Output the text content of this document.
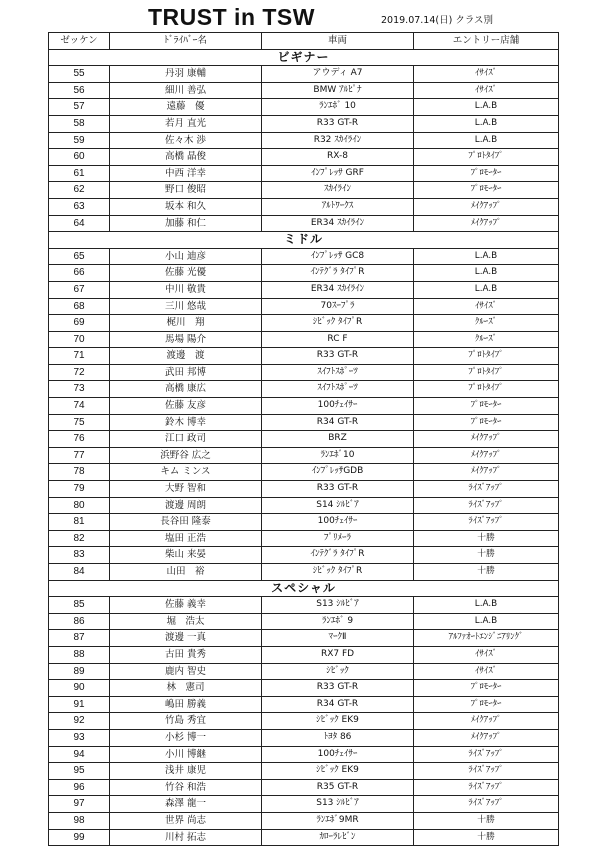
TRUST in TSW	2019.07.14(日) クラス別
ゼッケン	ﾄﾞﾗｲﾊﾞｰ名	車両	エントリー店舗
ビギナー			
55	丹羽 康輔	アウディ A7	ｲｻｲｽﾞ
56	細川 善弘	BMW ｱﾙﾋﾟﾅ	ｲｻｲｽﾞ
57	遠藤　優	ﾗﾝｴﾎﾞ 10	L.A.B
58	若月 直光	R33 GT-R	L.A.B
59	佐々木 渉	R32 ｽｶｲﾗｲﾝ	L.A.B
60	高橋 晶俊	RX-8	ﾌﾟﾛﾄﾀｲﾌﾟ
61	中西 洋幸	ｲﾝﾌﾟﾚｯｻ GRF	ﾌﾟﾛﾓｰﾀｰ
62	野口 俊昭	ｽｶｲﾗｲﾝ	ﾌﾟﾛﾓｰﾀｰ
63	坂本 和久	ｱﾙﾄﾜｰｸｽ	ﾒｲｸｱｯﾌﾟ
64	加藤 和仁	ER34 ｽｶｲﾗｲﾝ	ﾒｲｸｱｯﾌﾟ
ミドル			
65	小山 迪彦	ｲﾝﾌﾟﾚｯｻ GC8	L.A.B
66	佐藤 光優	ｲﾝﾃｸﾞﾗ ﾀｲﾌﾟR	L.A.B
67	中川 敬貴	ER34 ｽｶｲﾗｲﾝ	L.A.B
68	三川 悠哉	70ｽｰﾌﾟﾗ	ｲｻｲｽﾞ
69	梶川　翔	ｼﾋﾞｯｸ ﾀｲﾌﾟR	ｸﾙｰｽﾞ
70	馬場 陽介	RC F	ｸﾙｰｽﾞ
71	渡邊　渡	R33 GT-R	ﾌﾟﾛﾄﾀｲﾌﾟ
72	武田 邦博	ｽｲﾌﾄｽﾎﾟｰﾂ	ﾌﾟﾛﾄﾀｲﾌﾟ
73	高橋 康広	ｽｲﾌﾄｽﾎﾟｰﾂ	ﾌﾟﾛﾄﾀｲﾌﾟ
74	佐藤 友彦	100ﾁｪｲｻｰ	ﾌﾟﾛﾓｰﾀｰ
75	鈴木 博幸	R34 GT-R	ﾌﾟﾛﾓｰﾀｰ
76	江口 政司	BRZ	ﾒｲｸｱｯﾌﾟ
77	浜野谷 広之	ﾗﾝｴﾎﾞ10	ﾒｲｸｱｯﾌﾟ
78	キム ミンス	ｲﾝﾌﾟﾚｯｻGDB	ﾒｲｸｱｯﾌﾟ
79	大野 智和	R33 GT-R	ﾗｲｽﾞｱｯﾌﾟ
80	渡邊 周朗	S14 ｼﾙﾋﾞｱ	ﾗｲｽﾞｱｯﾌﾟ
81	長谷田 隆泰	100ﾁｪｲｻｰ	ﾗｲｽﾞｱｯﾌﾟ
82	塩田 正浩	ﾌﾟﾘﾒｰﾗ	十勝
83	柴山 来晏	ｲﾝﾃｸﾞﾗ ﾀｲﾌﾟR	十勝
84	山田　裕	ｼﾋﾞｯｸ ﾀｲﾌﾟR	十勝
スペシャル			
85	佐藤 義幸	S13 ｼﾙﾋﾞｱ	L.A.B
86	堀　浩太	ﾗﾝｴﾎﾞ 9	L.A.B
87	渡邊 一真	ﾏｰｸⅡ	ｱﾙﾌｧｵｰﾄｴﾝｼﾞﾆｱﾘﾝｸﾞ
88	古田 貴秀	RX7 FD	ｲｻｲｽﾞ
89	鹿内 智史	ｼﾋﾞｯｸ	ｲｻｲｽﾞ
90	林　憲司	R33 GT-R	ﾌﾟﾛﾓｰﾀｰ
91	嶋田 勝義	R34 GT-R	ﾌﾟﾛﾓｰﾀｰ
92	竹島 秀宜	ｼﾋﾞｯｸ EK9	ﾒｲｸｱｯﾌﾟ
93	小杉 博一	ﾄﾖﾀ 86	ﾒｲｸｱｯﾌﾟ
94	小川 博継	100ﾁｪｲｻｰ	ﾗｲｽﾞｱｯﾌﾟ
95	浅井 康児	ｼﾋﾞｯｸ EK9	ﾗｲｽﾞｱｯﾌﾟ
96	竹谷 和浩	R35 GT-R	ﾗｲｽﾞｱｯﾌﾟ
97	森澤 龍一	S13 ｼﾙﾋﾞｱ	ﾗｲｽﾞｱｯﾌﾟ
98	世界 尚志	ﾗﾝｴﾎﾞ9MR	十勝
99	川村 拓志	ｶﾛｰﾗﾚﾋﾞﾝ	十勝
